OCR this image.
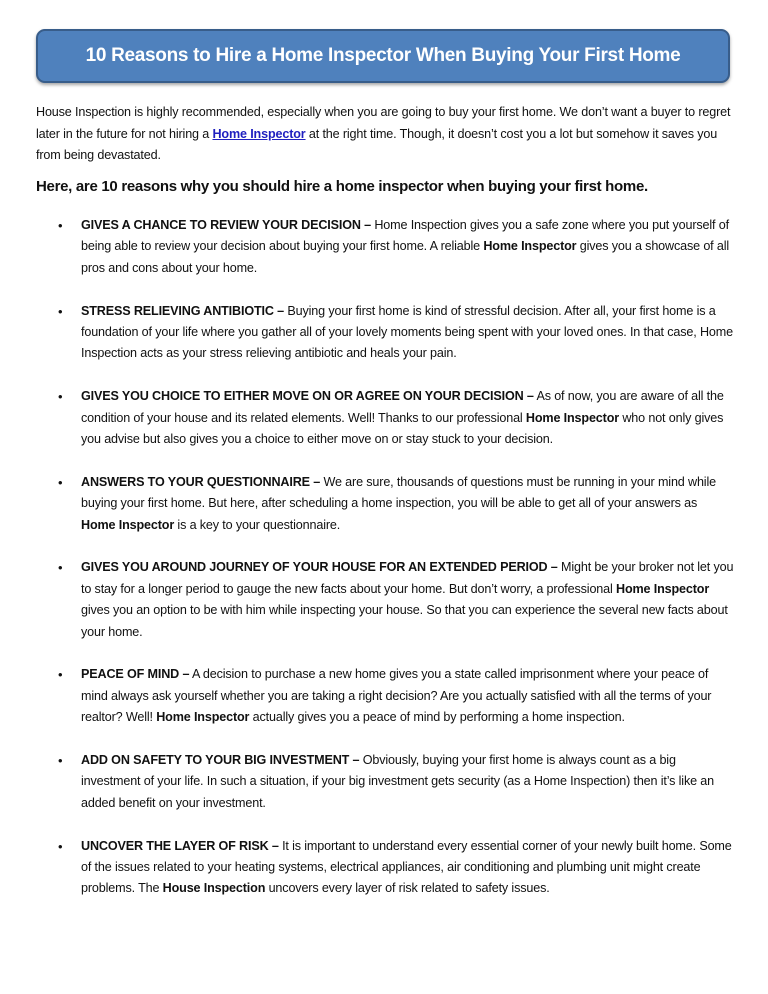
10 Reasons to Hire a Home Inspector When Buying Your First Home

House Inspection is highly recommended, especially when you are going to buy your first home. We don’t want a buyer to regret later in the future for not hiring a Home Inspector at the right time. Though, it doesn’t cost you a lot but somehow it saves you from being devastated.

Here, are 10 reasons why you should hire a home inspector when buying your first home.

• GIVES A CHANCE TO REVIEW YOUR DECISION – Home Inspection gives you a safe zone where you put yourself of being able to review your decision about buying your first home. A reliable Home Inspector gives you a showcase of all pros and cons about your home.
• STRESS RELIEVING ANTIBIOTIC – Buying your first home is kind of stressful decision. After all, your first home is a foundation of your life where you gather all of your lovely moments being spent with your loved ones. In that case, Home Inspection acts as your stress relieving antibiotic and heals your pain.
• GIVES YOU CHOICE TO EITHER MOVE ON OR AGREE ON YOUR DECISION – As of now, you are aware of all the condition of your house and its related elements. Well! Thanks to our professional Home Inspector who not only gives you advise but also gives you a choice to either move on or stay stuck to your decision.
• ANSWERS TO YOUR QUESTIONNAIRE – We are sure, thousands of questions must be running in your mind while buying your first home. But here, after scheduling a home inspection, you will be able to get all of your answers as Home Inspector is a key to your questionnaire.
• GIVES YOU AROUND JOURNEY OF YOUR HOUSE FOR AN EXTENDED PERIOD – Might be your broker not let you to stay for a longer period to gauge the new facts about your home. But don’t worry, a professional Home Inspector gives you an option to be with him while inspecting your house. So that you can experience the several new facts about your home.
• PEACE OF MIND – A decision to purchase a new home gives you a state called imprisonment where your peace of mind always ask yourself whether you are taking a right decision? Are you actually satisfied with all the terms of your realtor? Well! Home Inspector actually gives you a peace of mind by performing a home inspection.
• ADD ON SAFETY TO YOUR BIG INVESTMENT – Obviously, buying your first home is always count as a big investment of your life. In such a situation, if your big investment gets security (as a Home Inspection) then it’s like an added benefit on your investment.
• UNCOVER THE LAYER OF RISK – It is important to understand every essential corner of your newly built home. Some of the issues related to your heating systems, electrical appliances, air conditioning and plumbing unit might create problems. The House Inspection uncovers every layer of risk related to safety issues.
